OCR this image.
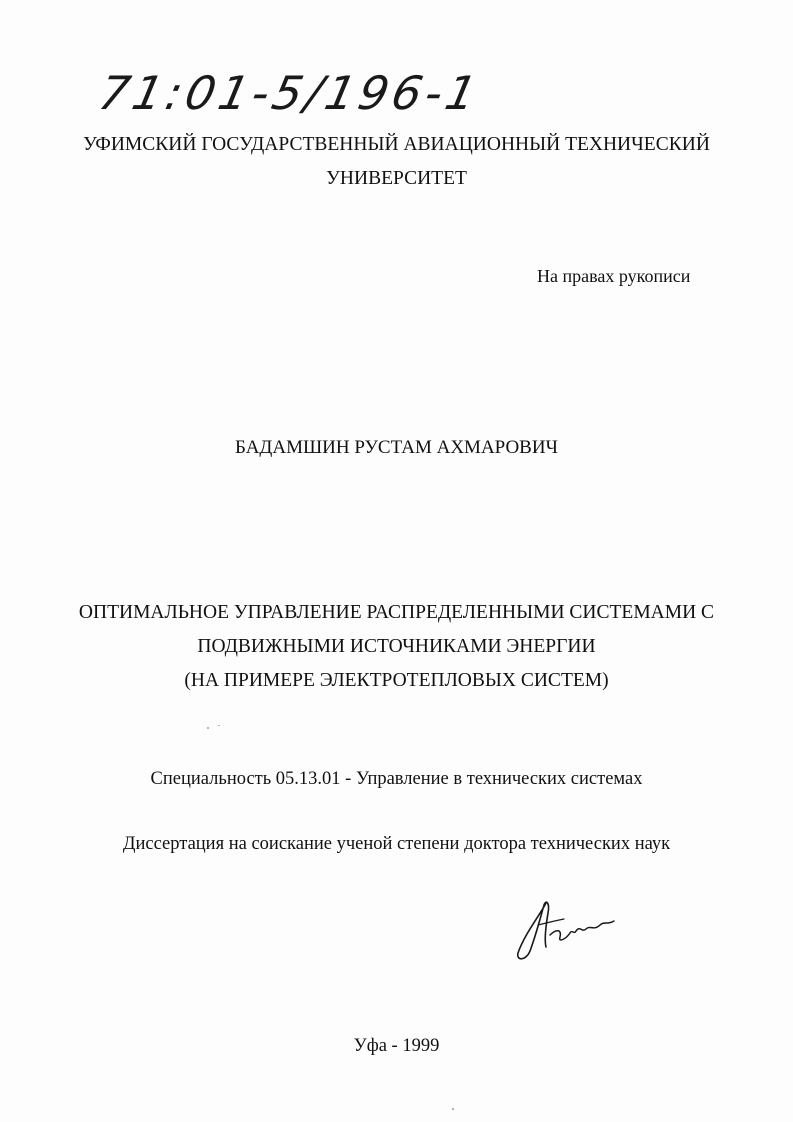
71:01-5/196-1
УФИМСКИЙ ГОСУДАРСТВЕННЫЙ АВИАЦИОННЫЙ ТЕХНИЧЕСКИЙ
УНИВЕРСИТЕТ
На правах рукописи
БАДАМШИН РУСТАМ АХМАРОВИЧ
ОПТИМАЛЬНОЕ УПРАВЛЕНИЕ РАСПРЕДЕЛЕННЫМИ СИСТЕМАМИ С
ПОДВИЖНЫМИ ИСТОЧНИКАМИ ЭНЕРГИИ
(НА ПРИМЕРЕ ЭЛЕКТРОТЕПЛОВЫХ СИСТЕМ)
Специальность 05.13.01 - Управление в технических системах
Диссертация на соискание ученой степени доктора технических наук
Уфа - 1999
